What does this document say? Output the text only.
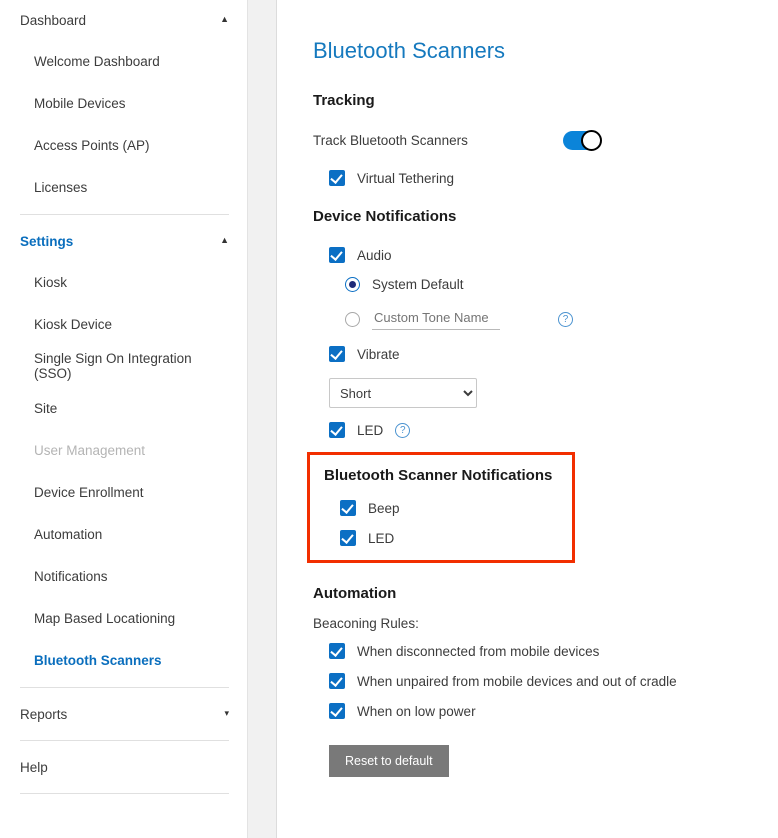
Dashboard	▲
Welcome Dashboard
Mobile Devices
Access Points (AP)
Licenses
Settings	▲
Kiosk
Kiosk Device
Single Sign On Integration (SSO)
Site
User Management
Device Enrollment
Automation
Notifications
Map Based Locationing
Bluetooth Scanners
Reports	▾
Help
Bluetooth Scanners
Tracking
Track Bluetooth Scanners
Virtual Tethering
Device Notifications
Audio
System Default
Custom Tone Name
?
Vibrate
Short
LED	?
Bluetooth Scanner Notifications
Beep
LED
Automation
Beaconing Rules:
When disconnected from mobile devices
When unpaired from mobile devices and out of cradle
When on low power
Reset to default
